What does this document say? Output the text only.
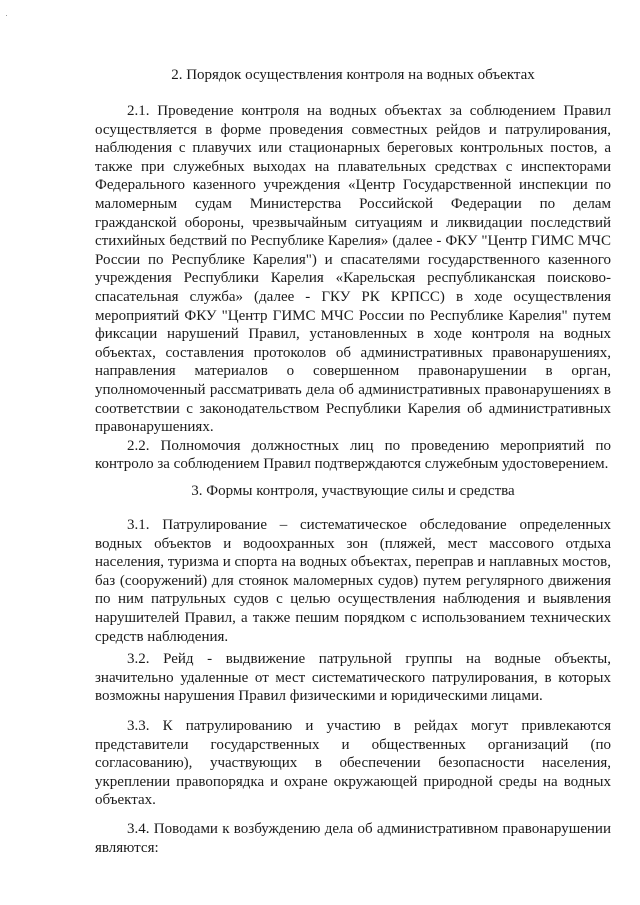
2. Порядок осуществления контроля на водных объектах

2.1. Проведение контроля на водных объектах за соблюдением Правил осуществляется в форме проведения совместных рейдов и патрулирования, наблюдения с плавучих или стационарных береговых контрольных постов, а также при служебных выходах на плавательных средствах с инспекторами Федерального казенного учреждения «Центр Государственной инспекции по маломерным судам Министерства Российской Федерации по делам гражданской обороны, чрезвычайным ситуациям и ликвидации последствий стихийных бедствий по Республике Карелия» (далее - ФКУ "Центр ГИМС МЧС России по Республике Карелия") и спасателями государственного казенного учреждения Республики Карелия «Карельская республиканская поисково-спасательная служба» (далее - ГКУ РК КРПСС) в ходе осуществления мероприятий ФКУ "Центр ГИМС МЧС России по Республике Карелия" путем фиксации нарушений Правил, установленных в ходе контроля на водных объектах, составления протоколов об административных правонарушениях, направления материалов о совершенном правонарушении в орган, уполномоченный рассматривать дела об административных правонарушениях в соответствии с законодательством Республики Карелия об административных правонарушениях.

2.2. Полномочия должностных лиц по проведению мероприятий по контроло за соблюдением Правил подтверждаются служебным удостоверением.

3. Формы контроля, участвующие силы и средства

3.1. Патрулирование – систематическое обследование определенных водных объектов и водоохранных зон (пляжей, мест массового отдыха населения, туризма и спорта на водных объектах, переправ и наплавных мостов, баз (сооружений) для стоянок маломерных судов) путем регулярного движения по ним патрульных судов с целью осуществления наблюдения и выявления нарушителей Правил, а также пешим порядком с использованием технических средств наблюдения.

3.2. Рейд - выдвижение патрульной группы на водные объекты, значительно удаленные от мест систематического патрулирования, в которых возможны нарушения Правил физическими и юридическими лицами.

3.3. К патрулированию и участию в рейдах могут привлекаются представители государственных и общественных организаций (по согласованию), участвующих в обеспечении безопасности населения, укреплении правопорядка и охране окружающей природной среды на водных объектах.

3.4. Поводами к возбуждению дела об административном правонарушении являются:
